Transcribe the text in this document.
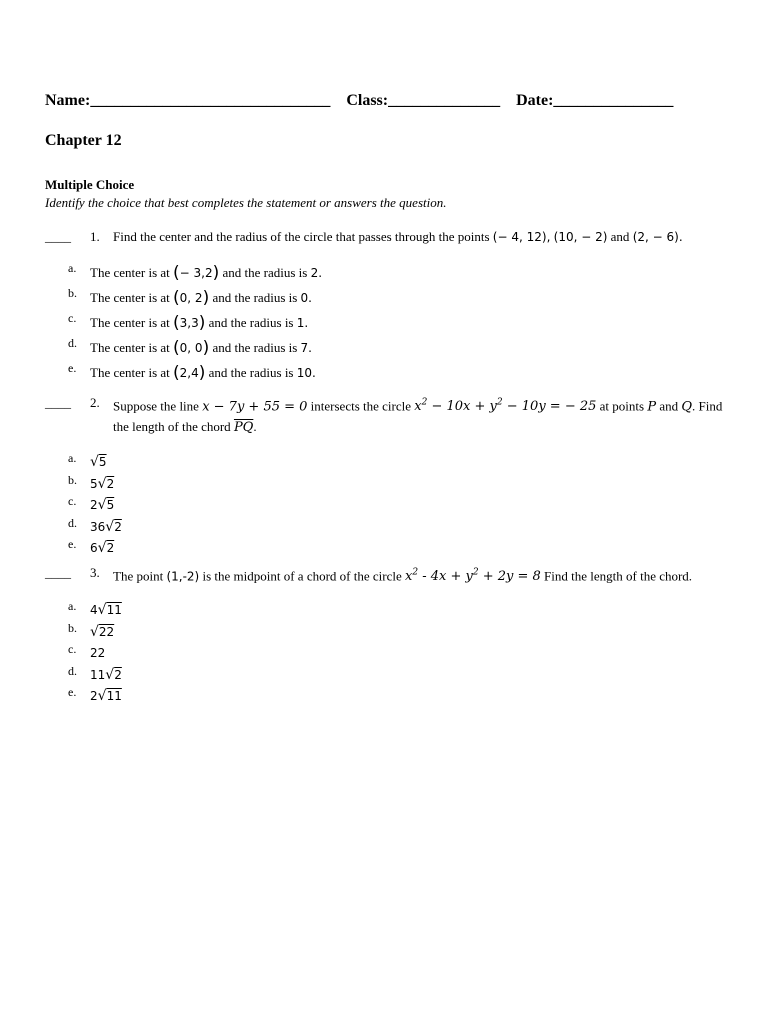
Name:______________________________ Class:______________ Date:_______________
Chapter 12
Multiple Choice
Identify the choice that best completes the statement or answers the question.
____ 1. Find the center and the radius of the circle that passes through the points (− 4, 12), (10, − 2) and (2, − 6).
a. The center is at (− 3,2) and the radius is 2.
b. The center is at (0, 2) and the radius is 0.
c. The center is at (3,3) and the radius is 1.
d. The center is at (0, 0) and the radius is 7.
e. The center is at (2,4) and the radius is 10.
____ 2. Suppose the line x − 7y + 55 = 0 intersects the circle $x^2 - 10x + y^2 - 10y$ = − 25 at points P and Q. Find
the length of the chord $\overline{PQ}$.
a. √5
b. 5√2
c. 2√5
d. 36√2
e. 6√2
____ 3. The point (1,-2) is the midpoint of a chord of the circle $x^2 - 4x + y^2 + 2y = 8$ Find the length of the chord.
a. 4√11
b. √22
c. 22
d. 11√2
e. 2√11
